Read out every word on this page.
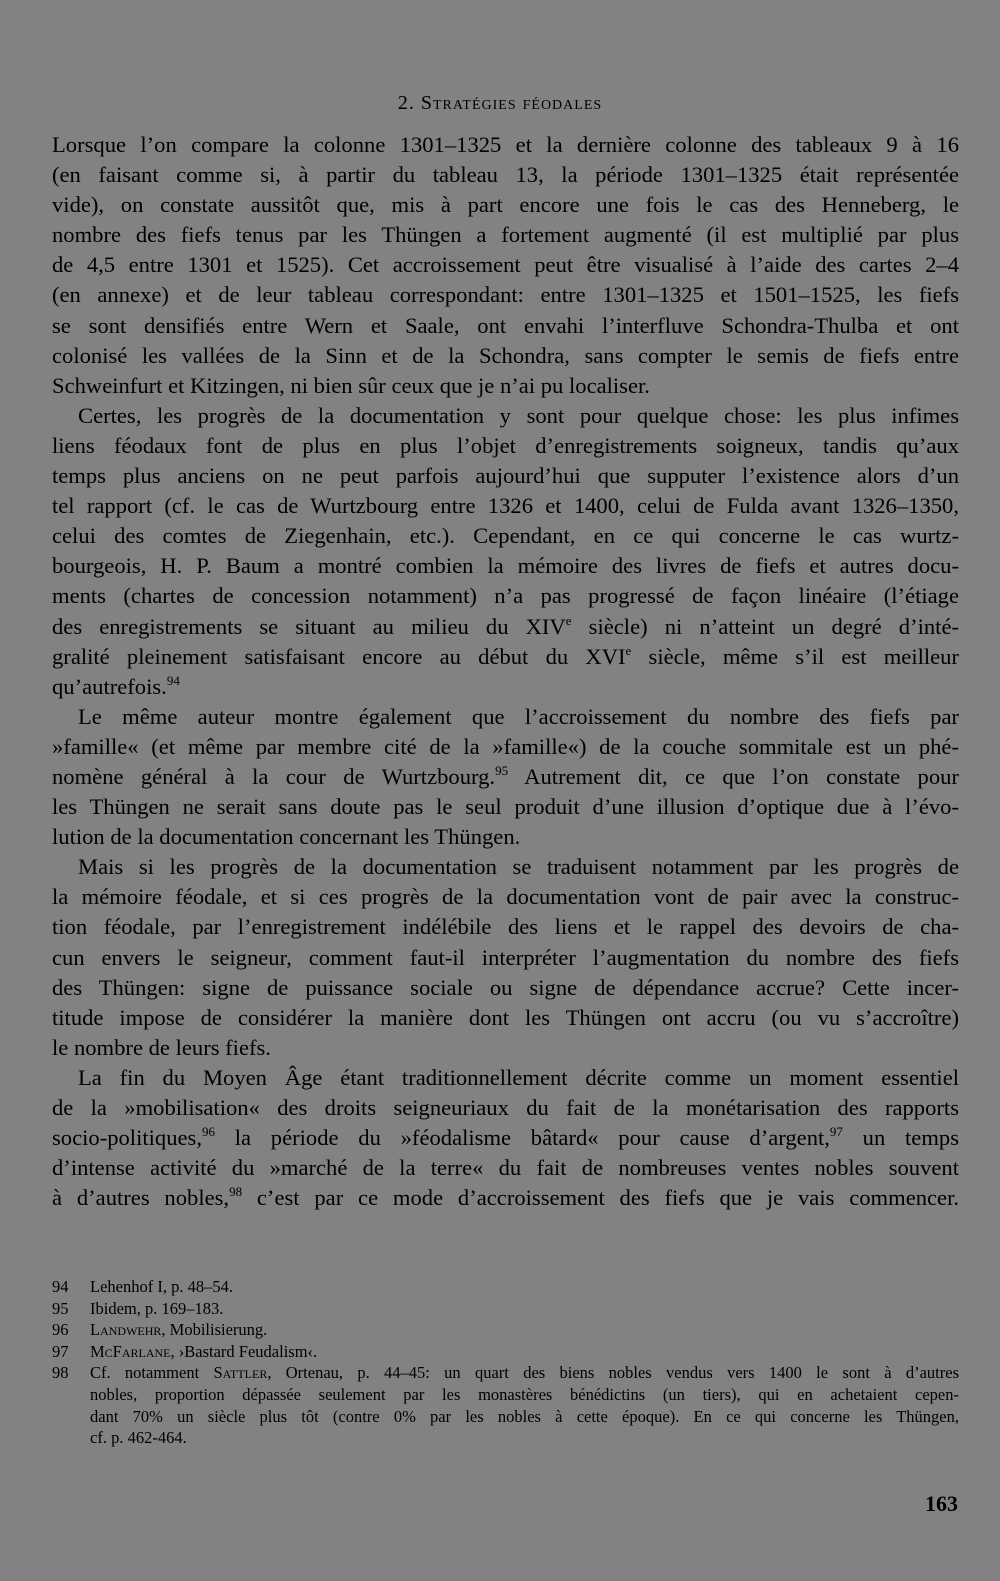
2. Stratégies féodales
Lorsque l’on compare la colonne 1301–1325 et la dernière colonne des tableaux 9 à 16
(en faisant comme si, à partir du tableau 13, la période 1301–1325 était représentée
vide), on constate aussitôt que, mis à part encore une fois le cas des Henneberg, le
nombre des fiefs tenus par les Thüngen a fortement augmenté (il est multiplié par plus
de 4,5 entre 1301 et 1525). Cet accroissement peut être visualisé à l’aide des cartes 2–4
(en annexe) et de leur tableau correspondant: entre 1301–1325 et 1501–1525, les fiefs
se sont densifiés entre Wern et Saale, ont envahi l’interfluve Schondra-Thulba et ont
colonisé les vallées de la Sinn et de la Schondra, sans compter le semis de fiefs entre
Schweinfurt et Kitzingen, ni bien sûr ceux que je n’ai pu localiser.
Certes, les progrès de la documentation y sont pour quelque chose: les plus infimes
liens féodaux font de plus en plus l’objet d’enregistrements soigneux, tandis qu’aux
temps plus anciens on ne peut parfois aujourd’hui que supputer l’existence alors d’un
tel rapport (cf. le cas de Wurtzbourg entre 1326 et 1400, celui de Fulda avant 1326–1350,
celui des comtes de Ziegenhain, etc.). Cependant, en ce qui concerne le cas wurtz-
bourgeois, H. P. Baum a montré combien la mémoire des livres de fiefs et autres docu-
ments (chartes de concession notamment) n’a pas progressé de façon linéaire (l’étiage
des enregistrements se situant au milieu du XIVe siècle) ni n’atteint un degré d’inté-
gralité pleinement satisfaisant encore au début du XVIe siècle, même s’il est meilleur
qu’autrefois.$^{94}$
Le même auteur montre également que l’accroissement du nombre des fiefs par
»famille« (et même par membre cité de la »famille«) de la couche sommitale est un phé-
nomène général à la cour de Wurtzbourg.$^{95}$ Autrement dit, ce que l’on constate pour
les Thüngen ne serait sans doute pas le seul produit d’une illusion d’optique due à l’évo-
lution de la documentation concernant les Thüngen.
Mais si les progrès de la documentation se traduisent notamment par les progrès de
la mémoire féodale, et si ces progrès de la documentation vont de pair avec la construc-
tion féodale, par l’enregistrement indélébile des liens et le rappel des devoirs de cha-
cun envers le seigneur, comment faut-il interpréter l’augmentation du nombre des fiefs
des Thüngen: signe de puissance sociale ou signe de dépendance accrue? Cette incer-
titude impose de considérer la manière dont les Thüngen ont accru (ou vu s’accroître)
le nombre de leurs fiefs.
La fin du Moyen Âge étant traditionnellement décrite comme un moment essentiel
de la »mobilisation« des droits seigneuriaux du fait de la monétarisation des rapports
socio-politiques,$^{96}$ la période du »féodalisme bâtard« pour cause d’argent,$^{97}$ un temps
d’intense activité du »marché de la terre« du fait de nombreuses ventes nobles souvent
à d’autres nobles,$^{98}$ c’est par ce mode d’accroissement des fiefs que je vais commencer.
94	Lehenhof I, p. 48–54.
95	Ibidem, p. 169–183.
96	Landwehr, Mobilisierung.
97	McFarlane, ›Bastard Feudalism‹.
98	Cf. notamment Sattler, Ortenau, p. 44–45: un quart des biens nobles vendus vers 1400 le sont à d’autres
nobles, proportion dépassée seulement par les monastères bénédictins (un tiers), qui en achetaient cepen-
dant 70% un siècle plus tôt (contre 0% par les nobles à cette époque). En ce qui concerne les Thüngen,
cf. p. 462-464.
163
